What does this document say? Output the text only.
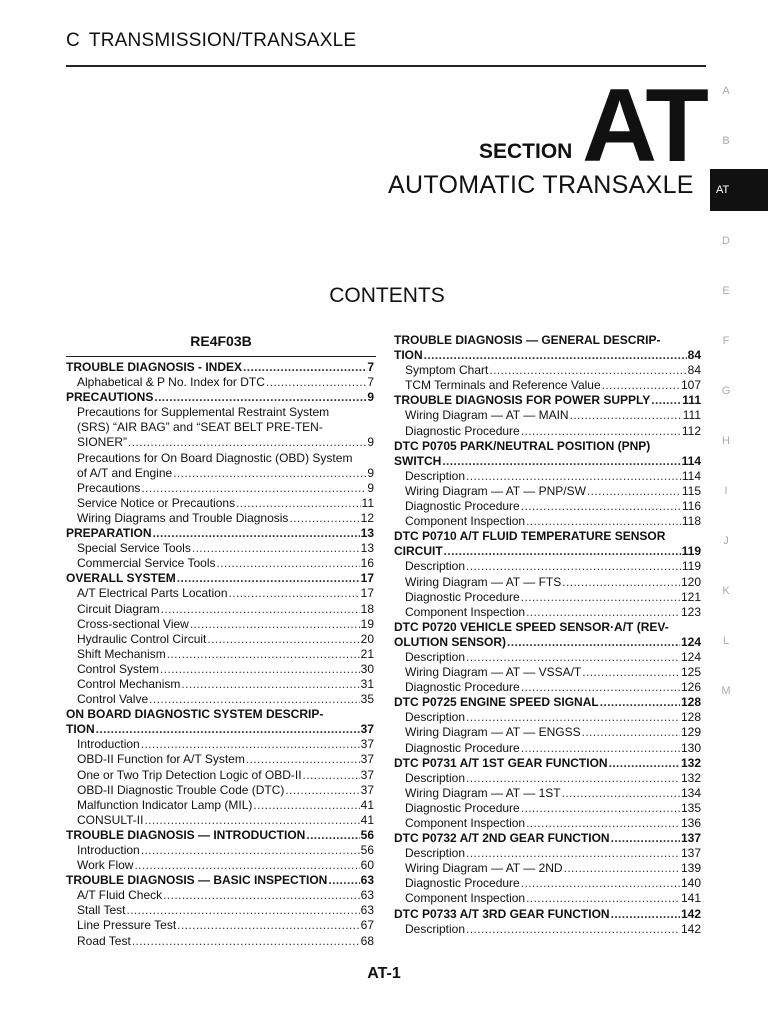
C TRANSMISSION/TRANSAXLE
SECTION AT
AUTOMATIC TRANSAXLE
CONTENTS
RE4F03B
TROUBLE DIAGNOSIS - INDEX .....	7
Alphabetical & P No. Index for DTC .....	7
PRECAUTIONS .....	9
Precautions for Supplemental Restraint System
(SRS) “AIR BAG” and “SEAT BELT PRE-TEN-
SIONER” .....	9
Precautions for On Board Diagnostic (OBD) System
of A/T and Engine .....	9
Precautions .....	9
Service Notice or Precautions .....	11
Wiring Diagrams and Trouble Diagnosis .....	12
PREPARATION .....	13
Special Service Tools .....	13
Commercial Service Tools .....	16
OVERALL SYSTEM .....	17
A/T Electrical Parts Location .....	17
Circuit Diagram .....	18
Cross-sectional View .....	19
Hydraulic Control Circuit .....	20
Shift Mechanism .....	21
Control System .....	30
Control Mechanism .....	31
Control Valve .....	35
ON BOARD DIAGNOSTIC SYSTEM DESCRIP-
TION .....	37
Introduction .....	37
OBD-II Function for A/T System .....	37
One or Two Trip Detection Logic of OBD-II .....	37
OBD-II Diagnostic Trouble Code (DTC) .....	37
Malfunction Indicator Lamp (MIL) .....	41
CONSULT-II .....	41
TROUBLE DIAGNOSIS — INTRODUCTION .....	56
Introduction .....	56
Work Flow .....	60
TROUBLE DIAGNOSIS — BASIC INSPECTION .....	63
A/T Fluid Check .....	63
Stall Test .....	63
Line Pressure Test .....	67
Road Test .....	68
TROUBLE DIAGNOSIS — GENERAL DESCRIP-
TION .....	84
Symptom Chart .....	84
TCM Terminals and Reference Value .....	107
TROUBLE DIAGNOSIS FOR POWER SUPPLY .....	111
Wiring Diagram — AT — MAIN .....	111
Diagnostic Procedure .....	112
DTC P0705 PARK/NEUTRAL POSITION (PNP)
SWITCH .....	114
Description .....	114
Wiring Diagram — AT — PNP/SW .....	115
Diagnostic Procedure .....	116
Component Inspection .....	118
DTC P0710 A/T FLUID TEMPERATURE SENSOR
CIRCUIT .....	119
Description .....	119
Wiring Diagram — AT — FTS .....	120
Diagnostic Procedure .....	121
Component Inspection .....	123
DTC P0720 VEHICLE SPEED SENSOR·A/T (REV-
OLUTION SENSOR) .....	124
Description .....	124
Wiring Diagram — AT — VSSA/T .....	125
Diagnostic Procedure .....	126
DTC P0725 ENGINE SPEED SIGNAL .....	128
Description .....	128
Wiring Diagram — AT — ENGSS .....	129
Diagnostic Procedure .....	130
DTC P0731 A/T 1ST GEAR FUNCTION .....	132
Description .....	132
Wiring Diagram — AT — 1ST .....	134
Diagnostic Procedure .....	135
Component Inspection .....	136
DTC P0732 A/T 2ND GEAR FUNCTION .....	137
Description .....	137
Wiring Diagram — AT — 2ND .....	139
Diagnostic Procedure .....	140
Component Inspection .....	141
DTC P0733 A/T 3RD GEAR FUNCTION .....	142
Description .....	142
A
B
AT
D
E
F
G
H
I
J
K
L
M
AT-1
